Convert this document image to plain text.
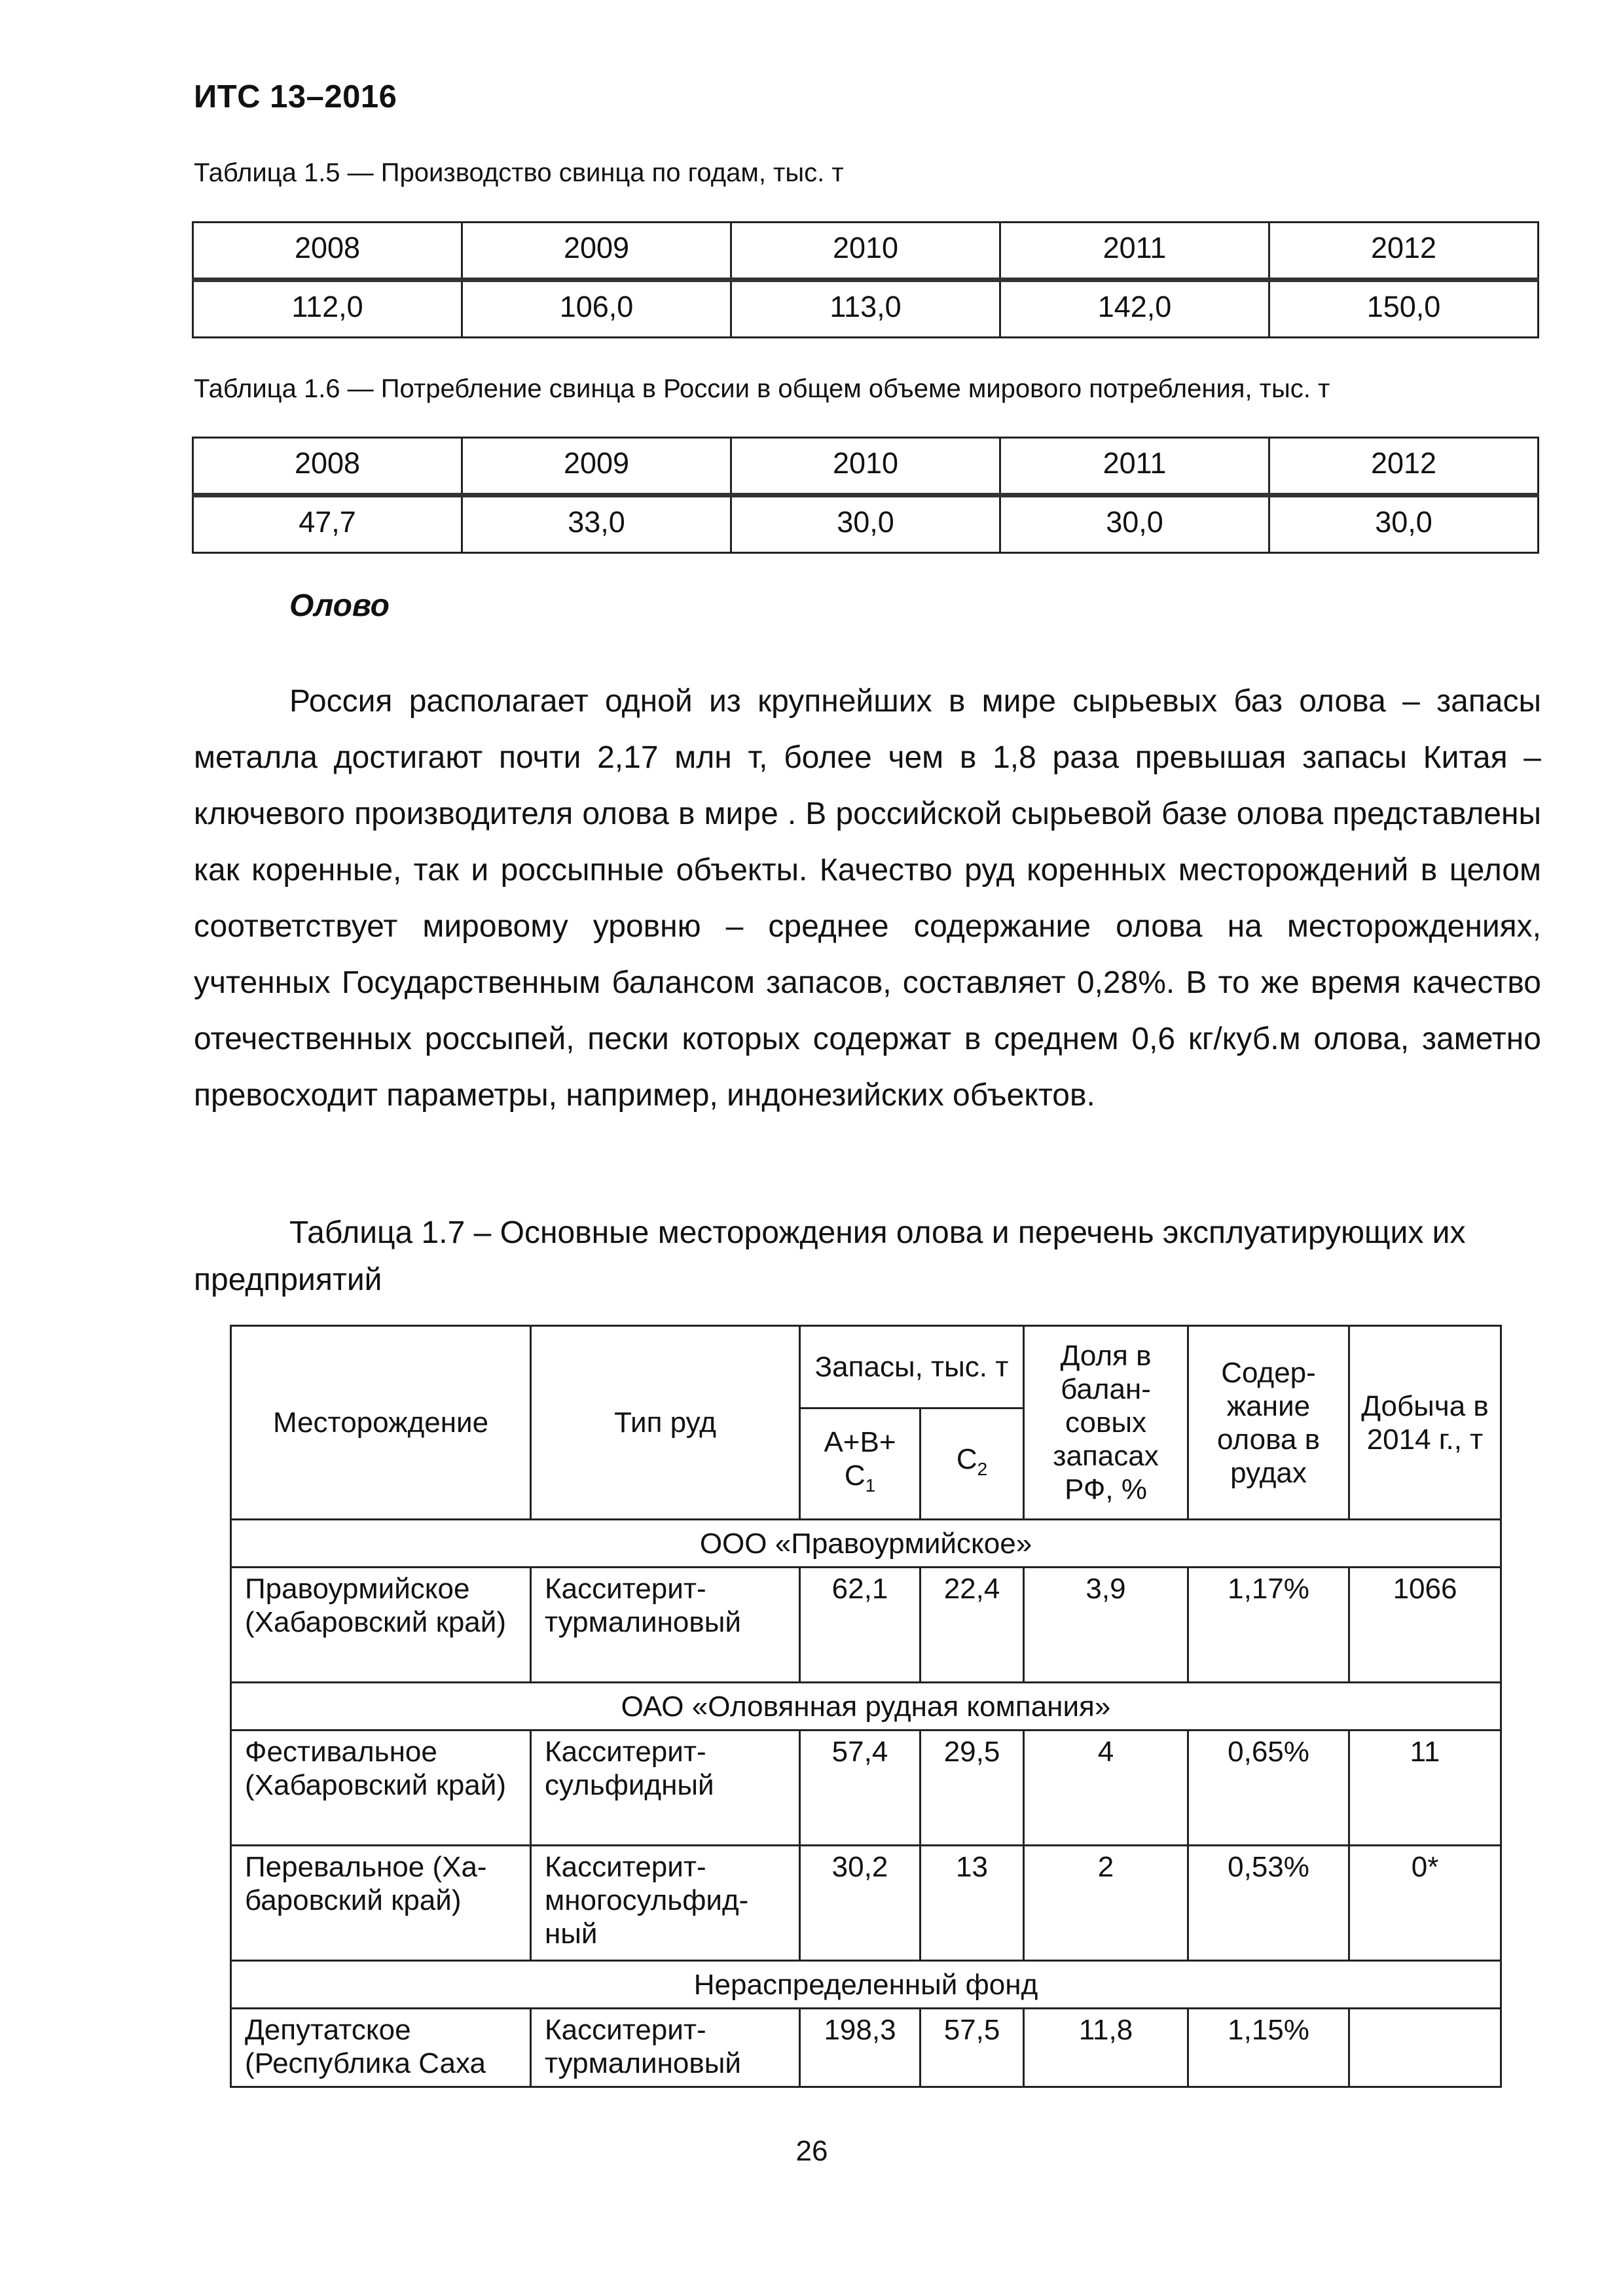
ИТС 13–2016
Таблица 1.5 — Производство свинца по годам, тыс. т
2008	2009	2010	2011	2012
112,0	106,0	113,0	142,0	150,0
Таблица 1.6 — Потребление свинца в России в общем объеме мирового потребления, тыс. т
2008	2009	2010	2011	2012
47,7	33,0	30,0	30,0	30,0
Олово
Россия располагает одной из крупнейших в мире сырьевых баз олова – запасы металла достигают почти 2,17 млн т, более чем в 1,8 раза превышая запасы Китая – ключевого производителя олова в мире . В российской сырьевой базе олова представлены как коренные, так и россыпные объекты. Качество руд коренных месторождений в целом соответствует мировому уровню – среднее содержание олова на месторождениях, учтенных Государственным балансом запасов, составляет 0,28%. В то же время качество отечественных россыпей, пески которых содержат в среднем 0,6 кг/куб.м олова, заметно превосходит параметры, например, индонезийских объектов.
Таблица 1.7 – Основные месторождения олова и перечень эксплуатирующих их предприятий
Месторождение	Тип руд	Запасы, тыс. т		Доля в балан-совых запасах РФ, %	Содер-жание олова в рудах	Добыча в 2014 г., т
		$А+В+ С_1$	$С_2$
ООО «Правоурмийское»						
Правоурмийское (Хабаровский край)	Касситерит-турмалиновый	62,1	22,4	3,9	1,17%	1066
ОАО «Оловянная рудная компания»						
Фестивальное (Хабаровский край)	Касситерит-сульфидный	57,4	29,5	4	0,65%	11
Перевальное (Ха-баровский край)	Касситерит-многосульфид-ный	30,2	13	2	0,53%	0*
Нераспределенный фонд						
Депутатское (Республика Саха	Касситерит-турмалиновый	198,3	57,5	11,8	1,15%	
26
